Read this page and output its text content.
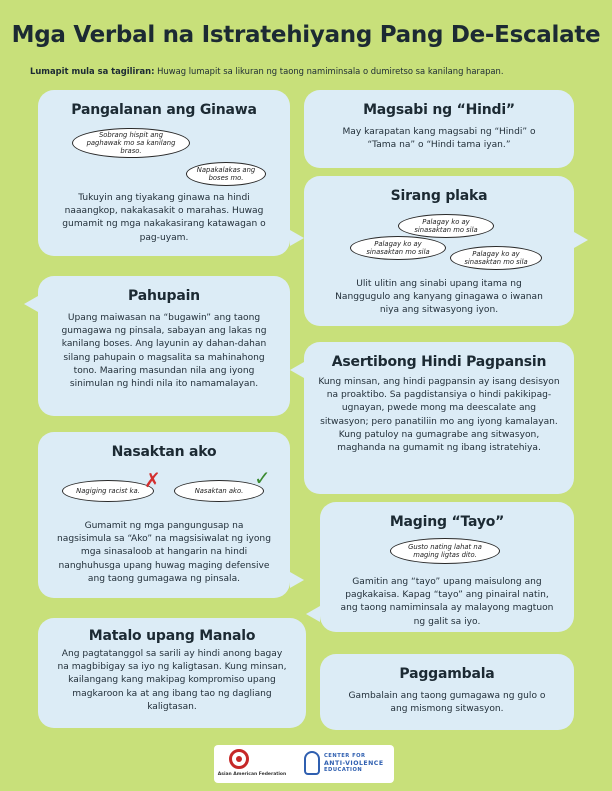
Mga Verbal na Istratehiyang Pang De-Escalate
Lumapit mula sa tagiliran: Huwag lumapit sa likuran ng taong namiminsala o dumiretso sa kanilang harapan.
Pangalanan ang Ginawa
Sobrang hispit ang paghawak mo sa kanilang braso.
Napakalakas ang boses mo.

Tukuyin ang tiyakang ginawa na hindi naaangkop, nakakasakit o marahas. Huwag gumamit ng mga nakakasirang katawagan o pag-uyam.

Pahupain

Upang maiwasan na “bugawin” ang taong gumagawa ng pinsala, sabayan ang lakas ng kanilang boses. Ang layunin ay dahan-dahan silang pahupain o magsalita sa mahinahong tono. Maaring masundan nila ang iyong sinimulan ng hindi nila ito namamalayan.

Nasaktan ako
Nagiging racist ka. ✗	Nasaktan ako.
✓

Gumamit ng mga pangungusap na nagsisimula sa “Ako” na magsisiwalat ng iyong mga sinasaloob at hangarin na hindi nanghuhusga upang huwag maging defensive ang taong gumagawa ng pinsala.

Matalo upang Manalo

Ang pagtatanggol sa sarili ay hindi anong bagay na magbibigay sa iyo ng kaligtasan. Kung minsan, kailangang kang makipag kompromiso upang magkaroon ka at ang ibang tao ng dagliang kaligtasan.

Magsabi ng “Hindi”

May karapatan kang magsabi ng “Hindi” o “Tama na” o “Hindi tama iyan.”

Sirang plaka
Palagay ko ay sinasaktan mo sila
Palagay ko ay sinasaktan mo sila	Palagay ko ay sinasaktan mo sila

Ulit ulitin ang sinabi upang itama ng Nanggugulo ang kanyang ginagawa o iwanan niya ang sitwasyong iyon.

Asertibong Hindi Pagpansin

Kung minsan, ang hindi pagpansin ay isang desisyon na proaktibo. Sa pagdistansiya o hindi pakikipag-ugnayan, pwede mong ma deescalate ang sitwasyon; pero panatiliin mo ang iyong kamalayan. Kung patuloy na gumagrabe ang sitwasyon, maghanda na gumamit ng ibang istratehiya.

Maging “Tayo”
Gusto nating lahat na maging ligtas dito.

Gamitin ang “tayo” upang maisulong ang pagkakaisa. Kapag “tayo” ang pinairal natin, ang taong namiminsala ay malayong magtuon ng galit sa iyo.

Paggambala

Gambalain ang taong gumagawa ng gulo o ang mismong sitwasyon.

Asian American Federation
CENTER FOR
ANTI-VIOLENCE
EDUCATION
